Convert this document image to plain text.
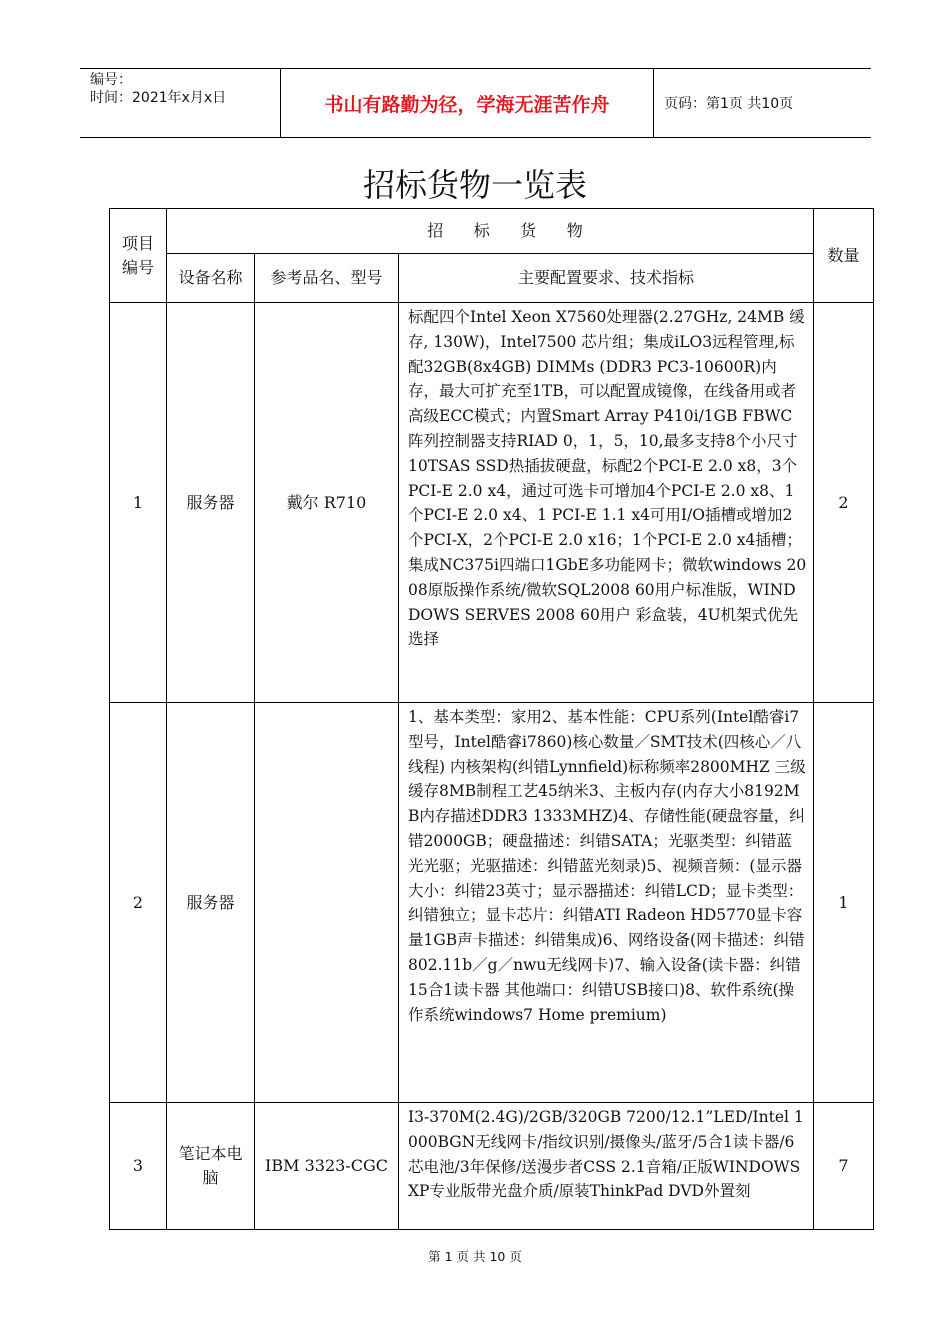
编号：
时间：2021年x月x日	书山有路勤为径，学海无涯苦作舟	页码：第1页 共10页
招标货物一览表
项目编号	招      标      货      物			数量
	设备名称	参考品名、型号	主要配置要求、技术指标	
1	服务器	戴尔 R710	标配四个Intel Xeon X7560处理器(2.27GHz, 24MB 缓存, 130W)，Intel7500 芯片组；集成iLO3远程管理,标配32GB(8x4GB) DIMMs (DDR3 PC3-10600R)内存，最大可扩充至1TB，可以配置成镜像，在线备用或者高级ECC模式；内置Smart Array P410i/1GB FBWC阵列控制器支持RIAD 0，1，5，10,最多支持8个小尺寸10TSAS SSD热插拔硬盘，标配2个PCI-E 2.0 x8，3个PCI-E 2.0 x4，通过可选卡可增加4个PCI-E 2.0 x8、1个PCI-E 2.0 x4、1 PCI-E 1.1 x4可用I/O插槽或增加2个PCI-X，2个PCI-E 2.0 x16；1个PCI-E 2.0 x4插槽；集成NC375i四端口1GbE多功能网卡；微软windows 2008原版操作系统/微软SQL2008 60用户标准版，WINDDOWS SERVES 2008 60用户 彩盒装，4U机架式优先选择	2
2	服务器		1、基本类型：家用2、基本性能：CPU系列(Intel酷睿i7型号，Intel酷睿i7860)核心数量／SMT技术(四核心／八线程) 内核架构(纠错Lynnfield)标称频率2800MHZ 三级缓存8MB制程工艺45纳米3、主板内存(内存大小8192MB内存描述DDR3 1333MHZ)4、存储性能(硬盘容量，纠错2000GB；硬盘描述：纠错SATA；光驱类型：纠错蓝光光驱；光驱描述：纠错蓝光刻录)5、视频音频：(显示器大小：纠错23英寸；显示器描述：纠错LCD；显卡类型：纠错独立；显卡芯片：纠错ATI Radeon HD5770显卡容量1GB声卡描述：纠错集成)6、网络设备(网卡描述：纠错802.11b／g／nwu无线网卡)7、输入设备(读卡器：纠错15合1读卡器 其他端口：纠错USB接口)8、软件系统(操作系统windows7 Home premium)	1
3	笔记本电脑	IBM 3323-CGC	I3-370M(2.4G)/2GB/320GB 7200/12.1”LED/Intel 1000BGN无线网卡/指纹识别/摄像头/蓝牙/5合1读卡器/6芯电池/3年保修/送漫步者CSS 2.1音箱/正版WINDOWS XP专业版带光盘介质/原装ThinkPad DVD外置刻	7
第 1 页 共 10 页
